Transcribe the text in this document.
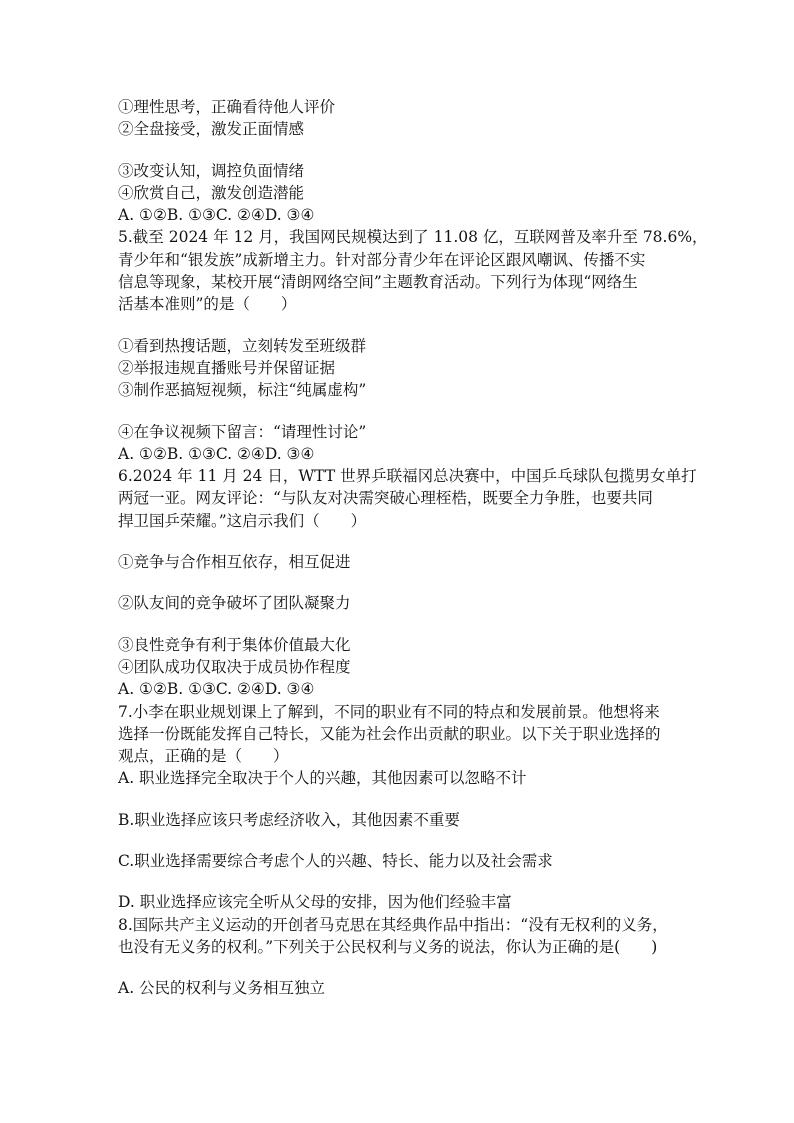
①理性思考，正确看待他人评价
②全盘接受，激发正面情感
③改变认知，调控负面情绪
④欣赏自己，激发创造潜能
A. ①②B. ①③C. ②④D. ③④
5.截至 2024 年 12 月，我国网民规模达到了 11.08 亿，互联网普及率升至 78.6%，
青少年和“银发族”成新增主力。针对部分青少年在评论区跟风嘲讽、传播不实
信息等现象，某校开展“清朗网络空间”主题教育活动。下列行为体现“网络生
活基本准则”的是（　　）
①看到热搜话题，立刻转发至班级群
②举报违规直播账号并保留证据
③制作恶搞短视频，标注“纯属虚构”
④在争议视频下留言：“请理性讨论”
A. ①②B. ①③C. ②④D. ③④
6.2024 年 11 月 24 日，WTT 世界乒联福冈总决赛中，中国乒乓球队包揽男女单打
两冠一亚。网友评论：“与队友对决需突破心理桎梏，既要全力争胜，也要共同
捍卫国乒荣耀。”这启示我们（　　）
①竞争与合作相互依存，相互促进
②队友间的竞争破坏了团队凝聚力
③良性竞争有利于集体价值最大化
④团队成功仅取决于成员协作程度
A. ①②B. ①③C. ②④D. ③④
7.小李在职业规划课上了解到，不同的职业有不同的特点和发展前景。他想将来
选择一份既能发挥自己特长，又能为社会作出贡献的职业。以下关于职业选择的
观点，正确的是（　　）
A. 职业选择完全取决于个人的兴趣，其他因素可以忽略不计
B.职业选择应该只考虑经济收入，其他因素不重要
C.职业选择需要综合考虑个人的兴趣、特长、能力以及社会需求
D. 职业选择应该完全听从父母的安排，因为他们经验丰富
8.国际共产主义运动的开创者马克思在其经典作品中指出：“没有无权利的义务，
也没有无义务的权利。”下列关于公民权利与义务的说法，你认为正确的是(　　)
A. 公民的权利与义务相互独立
